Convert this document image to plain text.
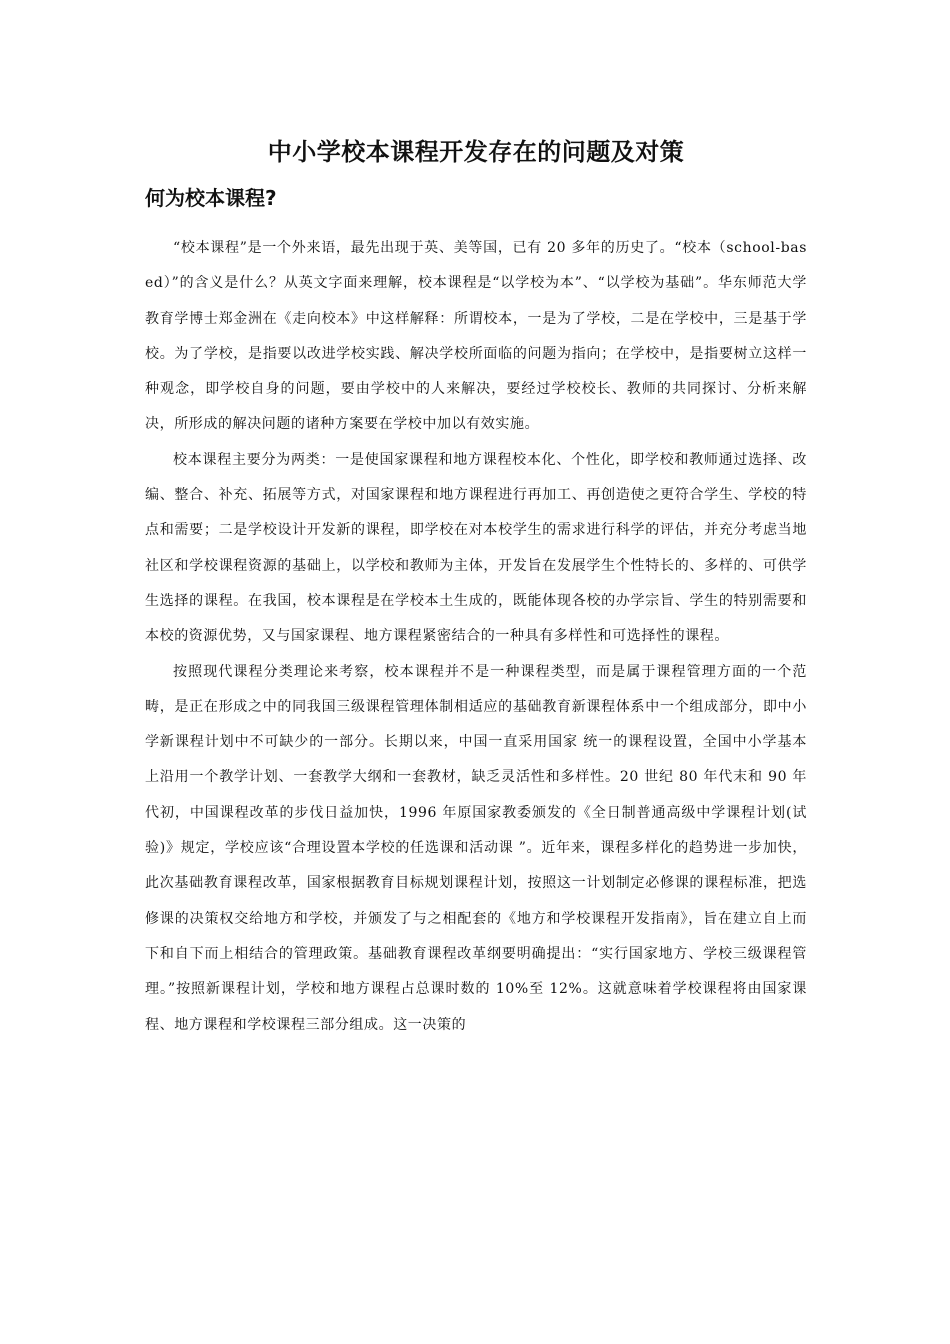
中小学校本课程开发存在的问题及对策
何为校本课程?

“校本课程”是一个外来语，最先出现于英、美等国，已有 20 多年的历史了。“校本（school-based）”的含义是什么？从英文字面来理解，校本课程是“以学校为本”、“以学校为基础”。华东师范大学教育学博士郑金洲在《走向校本》中这样解释：所谓校本，一是为了学校，二是在学校中，三是基于学校。为了学校，是指要以改进学校实践、解决学校所面临的问题为指向；在学校中，是指要树立这样一种观念，即学校自身的问题，要由学校中的人来解决，要经过学校校长、教师的共同探讨、分析来解决，所形成的解决问题的诸种方案要在学校中加以有效实施。

校本课程主要分为两类：一是使国家课程和地方课程校本化、个性化，即学校和教师通过选择、改编、整合、补充、拓展等方式，对国家课程和地方课程进行再加工、再创造使之更符合学生、学校的特点和需要；二是学校设计开发新的课程，即学校在对本校学生的需求进行科学的评估，并充分考虑当地社区和学校课程资源的基础上，以学校和教师为主体，开发旨在发展学生个性特长的、多样的、可供学生选择的课程。在我国，校本课程是在学校本土生成的，既能体现各校的办学宗旨、学生的特别需要和本校的资源优势，又与国家课程、地方课程紧密结合的一种具有多样性和可选择性的课程。

按照现代课程分类理论来考察，校本课程并不是一种课程类型，而是属于课程管理方面的一个范畴，是正在形成之中的同我国三级课程管理体制相适应的基础教育新课程体系中一个组成部分，即中小学新课程计划中不可缺少的一部分。长期以来，中国一直采用国家 统一的课程设置，全国中小学基本上沿用一个教学计划、一套教学大纲和一套教材，缺乏灵活性和多样性。20 世纪 80 年代末和 90 年代初，中国课程改革的步伐日益加快，1996 年原国家教委颁发的《全日制普通高级中学课程计划(试验)》规定，学校应该“合理设置本学校的任选课和活动课 ”。近年来，课程多样化的趋势进一步加快，此次基础教育课程改革，国家根据教育目标规划课程计划，按照这一计划制定必修课的课程标准，把选修课的决策权交给地方和学校，并颁发了与之相配套的《地方和学校课程开发指南》，旨在建立自上而下和自下而上相结合的管理政策。基础教育课程改革纲要明确提出：“实行国家地方、学校三级课程管理。”按照新课程计划，学校和地方课程占总课时数的 10%至 12%。这就意味着学校课程将由国家课程、地方课程和学校课程三部分组成。这一决策的
